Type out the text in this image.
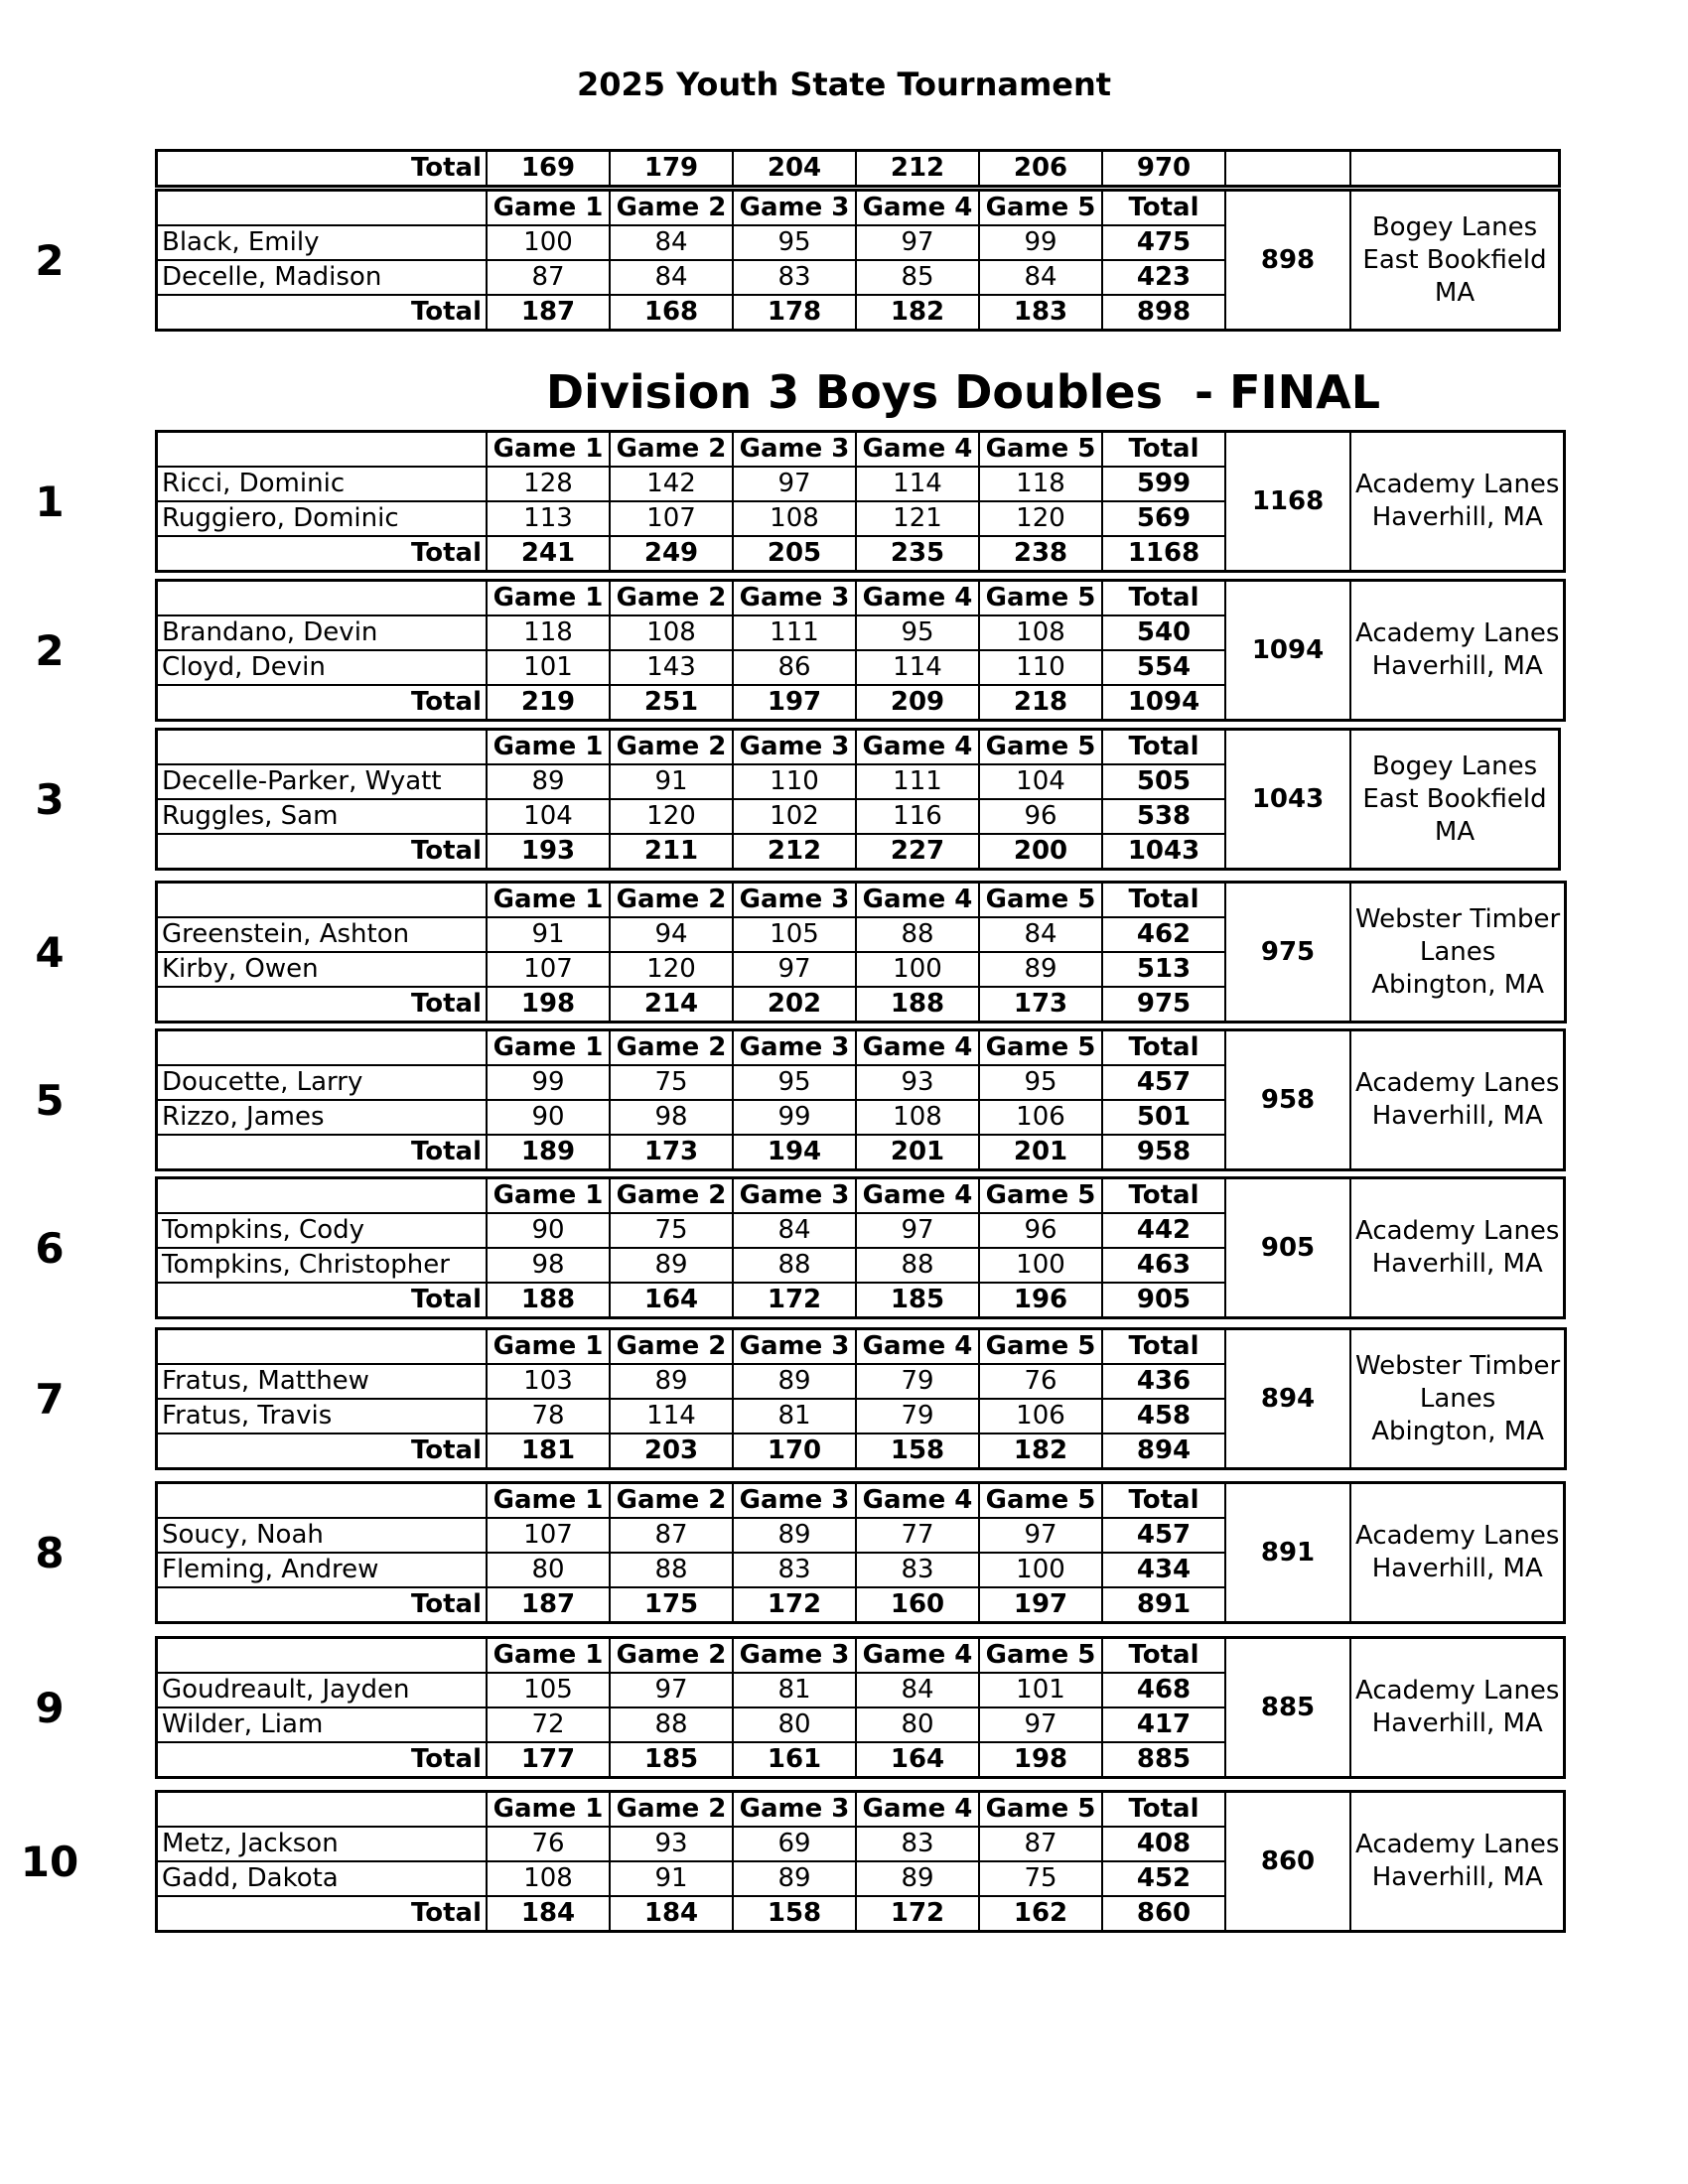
2025 Youth State Tournament
Total	169	179	204	212	206	970		
Division 3 Boys Doubles  - FINAL
2
	Game 1	Game 2	Game 3	Game 4	Game 5	Total	898	Bogey Lanes
East Bookfield
MA

Black, Emily	100	84	95	97	99	475		
Decelle, Madison	87	84	83	85	84	423		
Total	187	168	178	182	183	898		
1
	Game 1	Game 2	Game 3	Game 4	Game 5	Total	1168	Academy Lanes
Haverhill, MA

Ricci, Dominic	128	142	97	114	118	599		
Ruggiero, Dominic	113	107	108	121	120	569		
Total	241	249	205	235	238	1168		
2
	Game 1	Game 2	Game 3	Game 4	Game 5	Total	1094	Academy Lanes
Haverhill, MA

Brandano, Devin	118	108	111	95	108	540		
Cloyd, Devin	101	143	86	114	110	554		
Total	219	251	197	209	218	1094		
3
	Game 1	Game 2	Game 3	Game 4	Game 5	Total	1043	Bogey Lanes
East Bookfield
MA

Decelle-Parker, Wyatt	89	91	110	111	104	505		
Ruggles, Sam	104	120	102	116	96	538		
Total	193	211	212	227	200	1043		
4
	Game 1	Game 2	Game 3	Game 4	Game 5	Total	975	Webster Timber
Lanes
Abington, MA

Greenstein, Ashton	91	94	105	88	84	462		
Kirby, Owen	107	120	97	100	89	513		
Total	198	214	202	188	173	975		
5
	Game 1	Game 2	Game 3	Game 4	Game 5	Total	958	Academy Lanes
Haverhill, MA

Doucette, Larry	99	75	95	93	95	457		
Rizzo, James	90	98	99	108	106	501		
Total	189	173	194	201	201	958		
6
	Game 1	Game 2	Game 3	Game 4	Game 5	Total	905	Academy Lanes
Haverhill, MA

Tompkins, Cody	90	75	84	97	96	442		
Tompkins, Christopher	98	89	88	88	100	463		
Total	188	164	172	185	196	905		
7
	Game 1	Game 2	Game 3	Game 4	Game 5	Total	894	Webster Timber
Lanes
Abington, MA

Fratus, Matthew	103	89	89	79	76	436		
Fratus, Travis	78	114	81	79	106	458		
Total	181	203	170	158	182	894		
8
	Game 1	Game 2	Game 3	Game 4	Game 5	Total	891	Academy Lanes
Haverhill, MA

Soucy, Noah	107	87	89	77	97	457		
Fleming, Andrew	80	88	83	83	100	434		
Total	187	175	172	160	197	891		
9
	Game 1	Game 2	Game 3	Game 4	Game 5	Total	885	Academy Lanes
Haverhill, MA

Goudreault, Jayden	105	97	81	84	101	468		
Wilder, Liam	72	88	80	80	97	417		
Total	177	185	161	164	198	885		
10
	Game 1	Game 2	Game 3	Game 4	Game 5	Total	860	Academy Lanes
Haverhill, MA

Metz, Jackson	76	93	69	83	87	408		
Gadd, Dakota	108	91	89	89	75	452		
Total	184	184	158	172	162	860		
